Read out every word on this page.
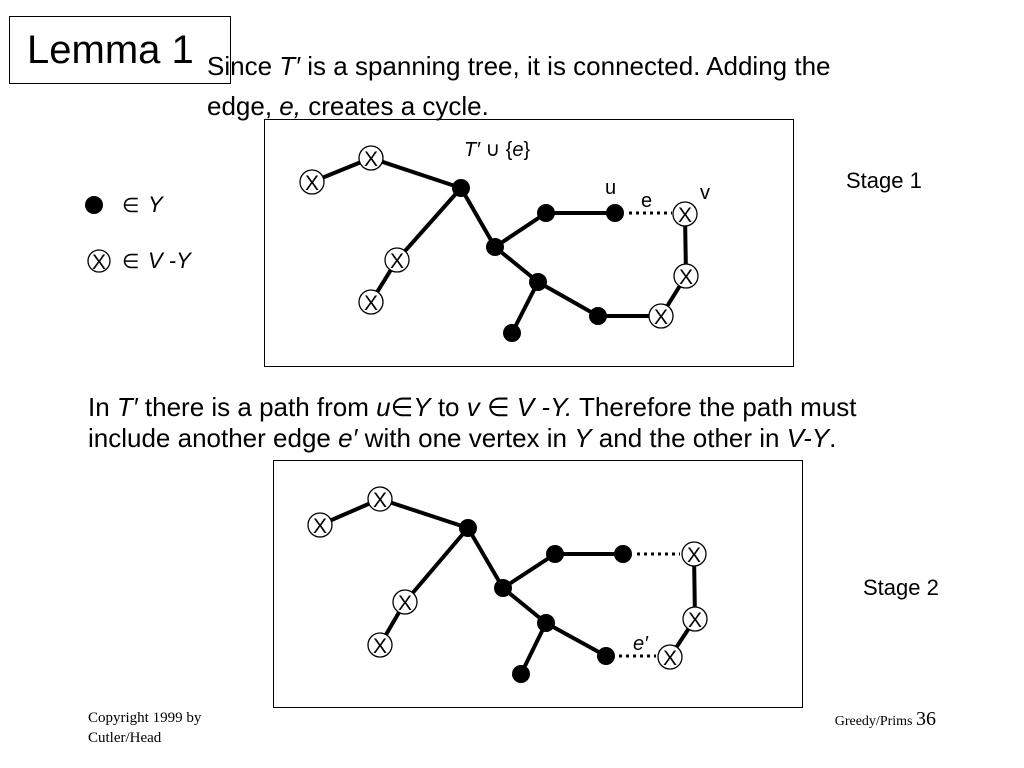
Lemma 1 Since T′ is a spanning tree, it is connected. Adding the
edge, e, creates a cycle.
∈ Y
X ∈ V -Y
X
X
X
X
X
X
X
T′ ∪ {e}
u
e v	Stage 1
In T′ there is a path from u∈Y to v ∈ V -Y. Therefore the path must
include another edge e′ with one vertex in Y and the other in V-Y.
X
X
X
X
X
X
X
e′
Stage 2
Copyright 1999 by
Cutler/Head
Greedy/Prims 36
